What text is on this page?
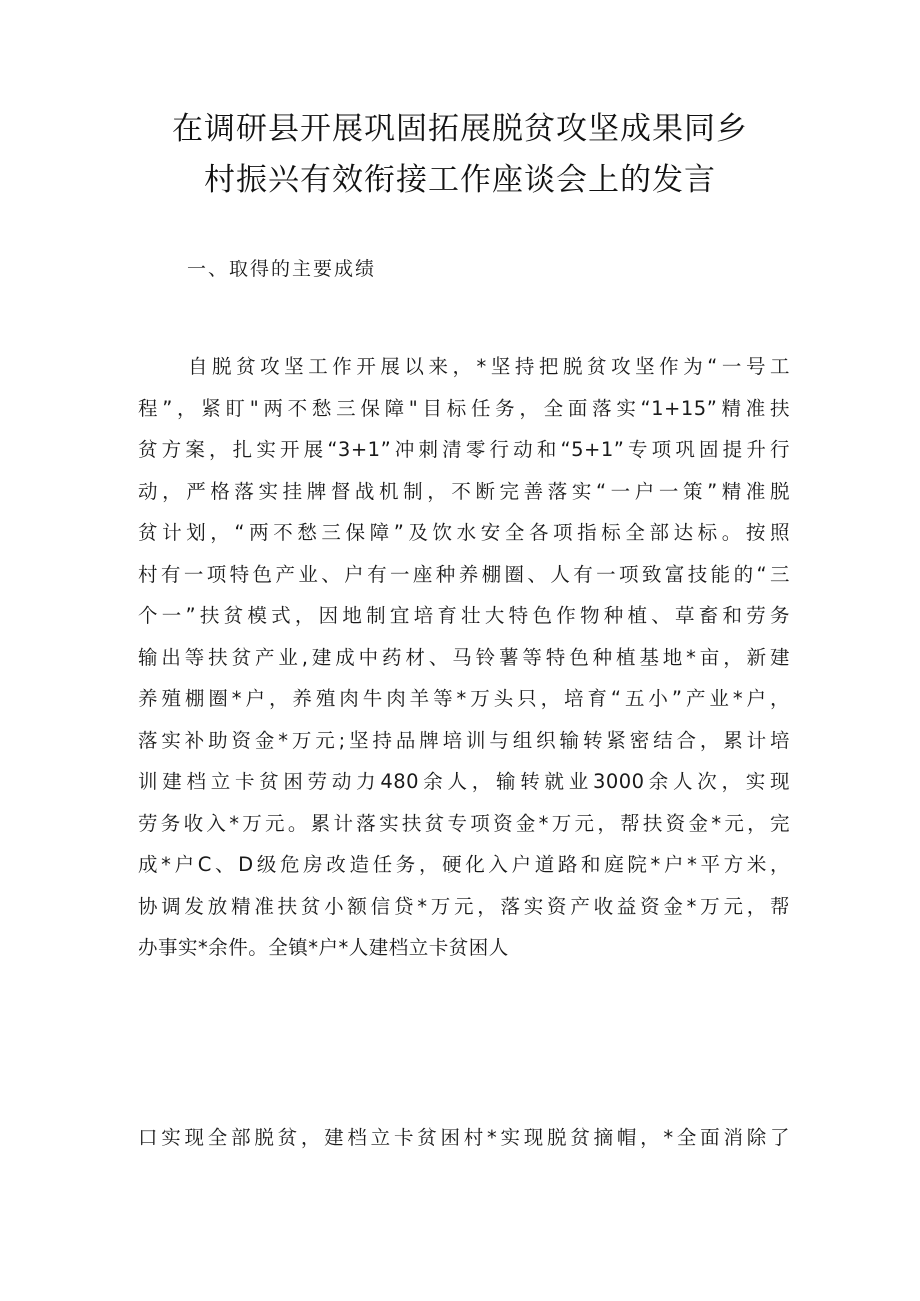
在调研县开展巩固拓展脱贫攻坚成果同乡
村振兴有效衔接工作座谈会上的发言
一、取得的主要成绩
自脱贫攻坚工作开展以来，*坚持把脱贫攻坚作为“一号工
程”，紧盯"两不愁三保障"目标任务，全面落实“1+15”精准扶
贫方案，扎实开展“3+1”冲刺清零行动和“5+1”专项巩固提升行
动，严格落实挂牌督战机制，不断完善落实“一户一策”精准脱
贫计划，“两不愁三保障”及饮水安全各项指标全部达标。按照
村有一项特色产业、户有一座种养棚圈、人有一项致富技能的“三
个一”扶贫模式，因地制宜培育壮大特色作物种植、草畜和劳务
输出等扶贫产业,建成中药材、马铃薯等特色种植基地*亩，新建
养殖棚圈*户，养殖肉牛肉羊等*万头只，培育“五小”产业*户，
落实补助资金*万元;坚持品牌培训与组织输转紧密结合，累计培
训建档立卡贫困劳动力480余人，输转就业3000余人次，实现
劳务收入*万元。累计落实扶贫专项资金*万元，帮扶资金*元，完
成*户C、D级危房改造任务，硬化入户道路和庭院*户*平方米，
协调发放精准扶贫小额信贷*万元，落实资产收益资金*万元，帮
办事实*余件。全镇*户*人建档立卡贫困人
口实现全部脱贫，建档立卡贫困村*实现脱贫摘帽，*全面消除了
